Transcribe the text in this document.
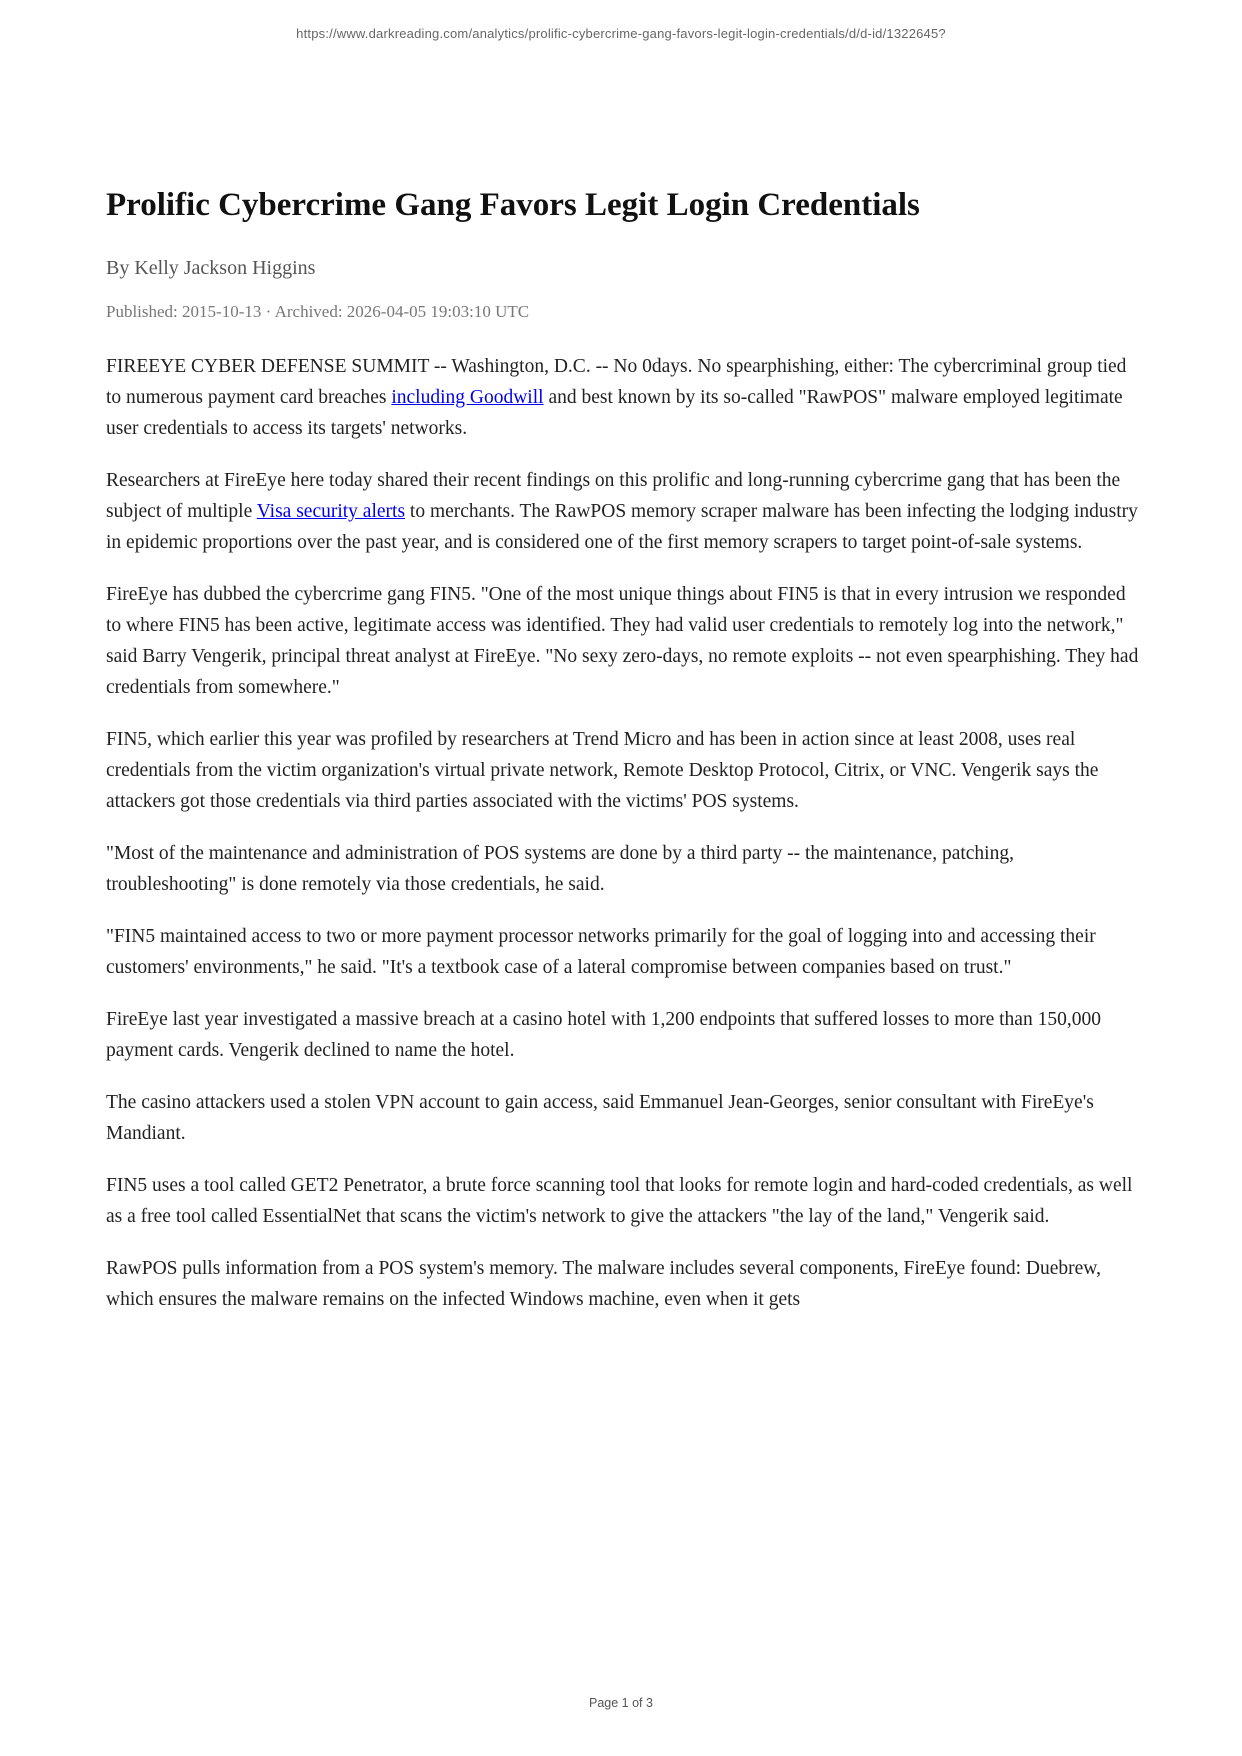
https://www.darkreading.com/analytics/prolific-cybercrime-gang-favors-legit-login-credentials/d/d-id/1322645?
Prolific Cybercrime Gang Favors Legit Login Credentials
By Kelly Jackson Higgins
Published: 2015-10-13 · Archived: 2026-04-05 19:03:10 UTC

FIREEYE CYBER DEFENSE SUMMIT -- Washington, D.C. -- No 0days. No spearphishing, either: The cybercriminal group tied to numerous payment card breaches including Goodwill and best known by its so-called "RawPOS" malware employed legitimate user credentials to access its targets' networks.

Researchers at FireEye here today shared their recent findings on this prolific and long-running cybercrime gang that has been the subject of multiple Visa security alerts to merchants. The RawPOS memory scraper malware has been infecting the lodging industry in epidemic proportions over the past year, and is considered one of the first memory scrapers to target point-of-sale systems.

FireEye has dubbed the cybercrime gang FIN5. "One of the most unique things about FIN5 is that in every intrusion we responded to where FIN5 has been active, legitimate access was identified. They had valid user credentials to remotely log into the network," said Barry Vengerik, principal threat analyst at FireEye. "No sexy zero-days, no remote exploits -- not even spearphishing. They had credentials from somewhere."

FIN5, which earlier this year was profiled by researchers at Trend Micro and has been in action since at least 2008, uses real credentials from the victim organization's virtual private network, Remote Desktop Protocol, Citrix, or VNC. Vengerik says the attackers got those credentials via third parties associated with the victims' POS systems.

"Most of the maintenance and administration of POS systems are done by a third party -- the maintenance, patching, troubleshooting" is done remotely via those credentials, he said.

"FIN5 maintained access to two or more payment processor networks primarily for the goal of logging into and accessing their customers' environments," he said. "It's a textbook case of a lateral compromise between companies based on trust."

FireEye last year investigated a massive breach at a casino hotel with 1,200 endpoints that suffered losses to more than 150,000 payment cards. Vengerik declined to name the hotel.

The casino attackers used a stolen VPN account to gain access, said Emmanuel Jean-Georges, senior consultant with FireEye's Mandiant.

FIN5 uses a tool called GET2 Penetrator, a brute force scanning tool that looks for remote login and hard-coded credentials, as well as a free tool called EssentialNet that scans the victim's network to give the attackers "the lay of the land," Vengerik said.

RawPOS pulls information from a POS system's memory. The malware includes several components, FireEye found: Duebrew, which ensures the malware remains on the infected Windows machine, even when it gets

Page 1 of 3
